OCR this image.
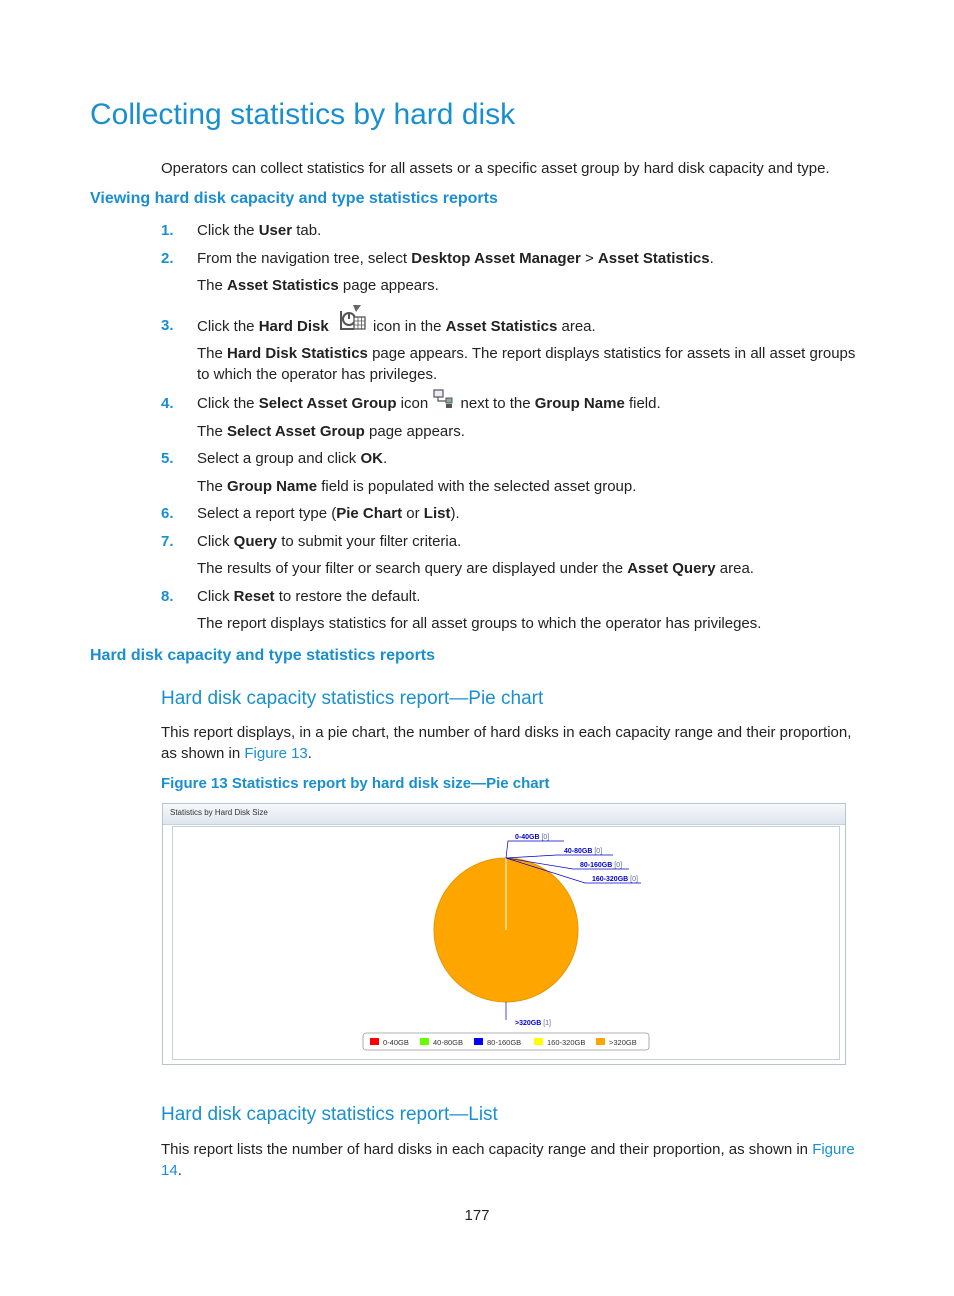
Collecting statistics by hard disk
Operators can collect statistics for all assets or a specific asset group by hard disk capacity and type.
Viewing hard disk capacity and type statistics reports
1. Click the User tab.
2. From the navigation tree, select Desktop Asset Manager > Asset Statistics.
The Asset Statistics page appears.
3. Click the Hard Disk	icon in the Asset Statistics area.
The Hard Disk Statistics page appears. The report displays statistics for assets in all asset groups to which the operator has privileges.
4. Click the Select Asset Group icon  next to the Group Name field.
The Select Asset Group page appears.
5. Select a group and click OK.
The Group Name field is populated with the selected asset group.
6. Select a report type (Pie Chart or List).
7. Click Query to submit your filter criteria.
The results of your filter or search query are displayed under the Asset Query area.
8. Click Reset to restore the default.
The report displays statistics for all asset groups to which the operator has privileges.
Hard disk capacity and type statistics reports
Hard disk capacity statistics report—Pie chart
This report displays, in a pie chart, the number of hard disks in each capacity range and their proportion, as shown in Figure 13.
Figure 13 Statistics report by hard disk size—Pie chart
Statistics by Hard Disk Size
0-40GB [0]
40-80GB [0]
80-160GB [0]
160-320GB [0]
>320GB [1]
0-40GB	40-80GB	80-160GB	160-320GB	>320GB
Hard disk capacity statistics report—List
This report lists the number of hard disks in each capacity range and their proportion, as shown in Figure 14.
177
